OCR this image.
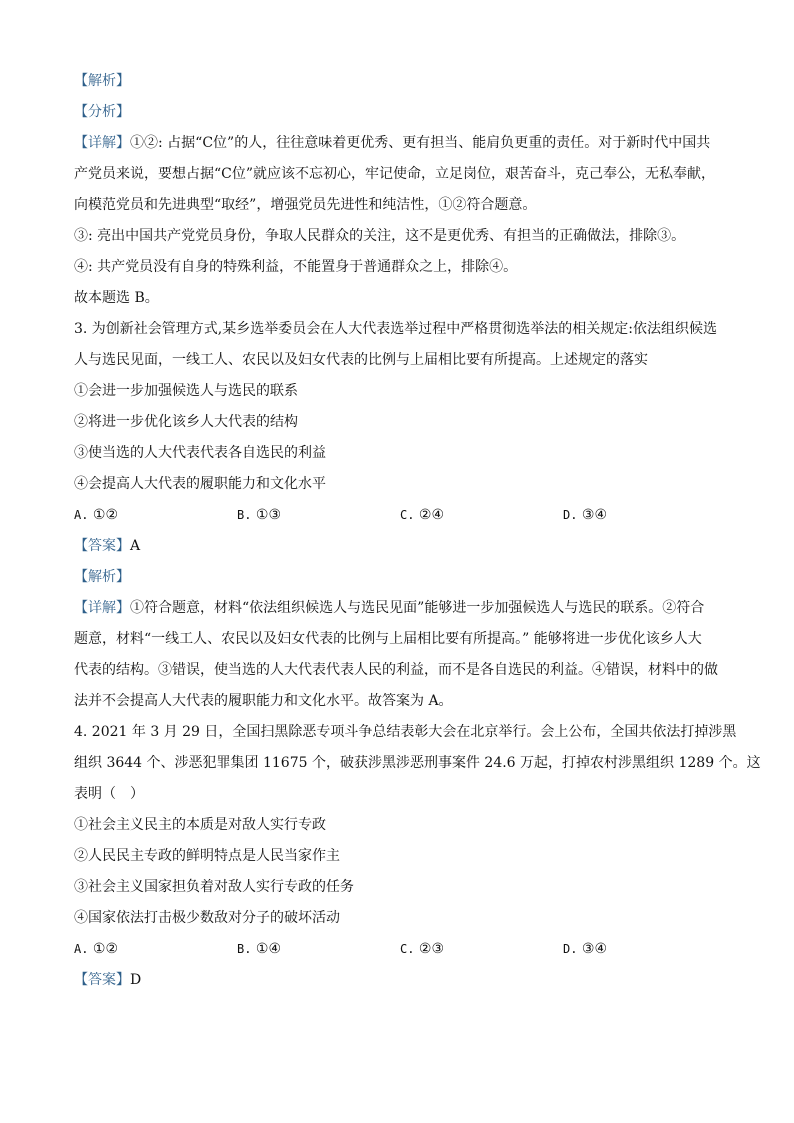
【解析】
【分析】
【详解】①②: 占据“C位”的人，往往意味着更优秀、更有担当、能肩负更重的责任。对于新时代中国共
产党员来说，要想占据“C位”就应该不忘初心，牢记使命，立足岗位，艰苦奋斗，克己奉公，无私奉献，
向模范党员和先进典型“取经”，增强党员先进性和纯洁性，①②符合题意。
③: 亮出中国共产党党员身份，争取人民群众的关注，这不是更优秀、有担当的正确做法，排除③。
④: 共产党员没有自身的特殊利益，不能置身于普通群众之上，排除④。
故本题选 B。
3. 为创新社会管理方式,某乡选举委员会在人大代表选举过程中严格贯彻选举法的相关规定:依法组织候选
人与选民见面，一线工人、农民以及妇女代表的比例与上届相比要有所提高。上述规定的落实
①会进一步加强候选人与选民的联系
②将进一步优化该乡人大代表的结构
③使当选的人大代表代表各自选民的利益
④会提高人大代表的履职能力和文化水平
A. ①②	B. ①③	C. ②④	D. ③④
【答案】A
【解析】
【详解】①符合题意，材料“依法组织候选人与选民见面”能够进一步加强候选人与选民的联系。②符合
题意，材料“一线工人、农民以及妇女代表的比例与上届相比要有所提高。” 能够将进一步优化该乡人大
代表的结构。③错误，使当选的人大代表代表人民的利益，而不是各自选民的利益。④错误，材料中的做
法并不会提高人大代表的履职能力和文化水平。故答案为 A。
4. 2021 年 3 月 29 日，全国扫黑除恶专项斗争总结表彰大会在北京举行。会上公布，全国共依法打掉涉黑
组织 3644 个、涉恶犯罪集团 11675 个，破获涉黑涉恶刑事案件 24.6 万起，打掉农村涉黑组织 1289 个。这
表明（　）
①社会主义民主的本质是对敌人实行专政
②人民民主专政的鲜明特点是人民当家作主
③社会主义国家担负着对敌人实行专政的任务
④国家依法打击极少数敌对分子的破坏活动
A. ①②	B. ①④	C. ②③	D. ③④
【答案】D
